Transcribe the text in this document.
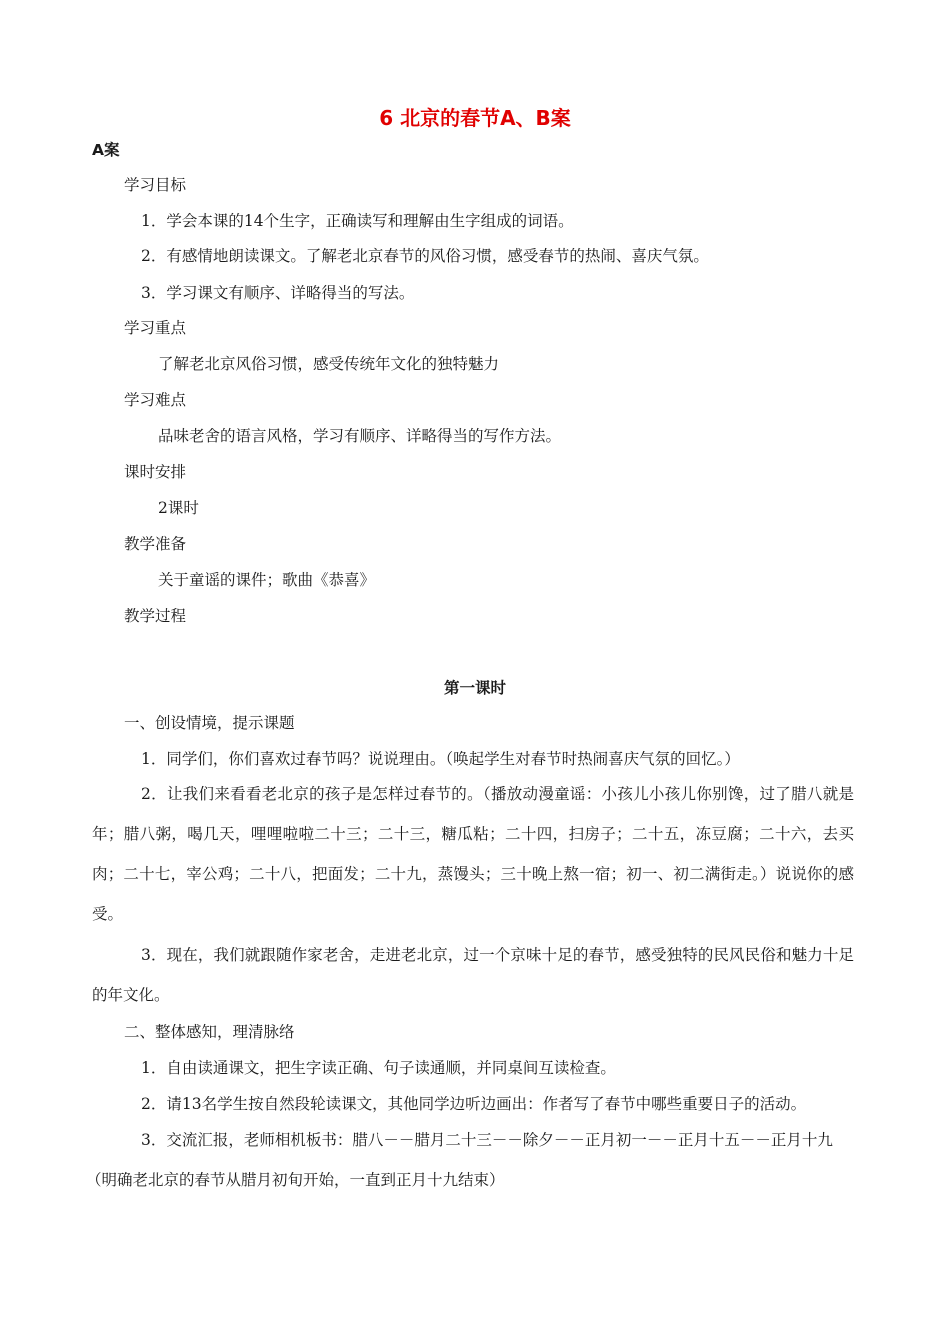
6 北京的春节A、B案
A案
学习目标
1．学会本课的14个生字，正确读写和理解由生字组成的词语。
2．有感情地朗读课文。了解老北京春节的风俗习惯，感受春节的热闹、喜庆气氛。
3．学习课文有顺序、详略得当的写法。
学习重点
了解老北京风俗习惯，感受传统年文化的独特魅力
学习难点
品味老舍的语言风格，学习有顺序、详略得当的写作方法。
课时安排
2课时
教学准备
关于童谣的课件；歌曲《恭喜》
教学过程
第一课时
一、创设情境，提示课题
1．同学们，你们喜欢过春节吗？说说理由。（唤起学生对春节时热闹喜庆气氛的回忆。）
2．让我们来看看老北京的孩子是怎样过春节的。（播放动漫童谣：小孩儿小孩儿你别馋，过了腊八就是年；腊八粥，喝几天，哩哩啦啦二十三；二十三，糖瓜粘；二十四，扫房子；二十五，冻豆腐；二十六，去买肉；二十七，宰公鸡；二十八，把面发；二十九，蒸馒头；三十晚上熬一宿；初一、初二满街走。）说说你的感受。
3．现在，我们就跟随作家老舍，走进老北京，过一个京味十足的春节，感受独特的民风民俗和魅力十足的年文化。
二、整体感知，理清脉络
1．自由读通课文，把生字读正确、句子读通顺，并同桌间互读检查。
2．请13名学生按自然段轮读课文，其他同学边听边画出：作者写了春节中哪些重要日子的活动。
3．交流汇报，老师相机板书：腊八－－腊月二十三－－除夕－－正月初一－－正月十五－－正月十九
（明确老北京的春节从腊月初旬开始，一直到正月十九结束）
